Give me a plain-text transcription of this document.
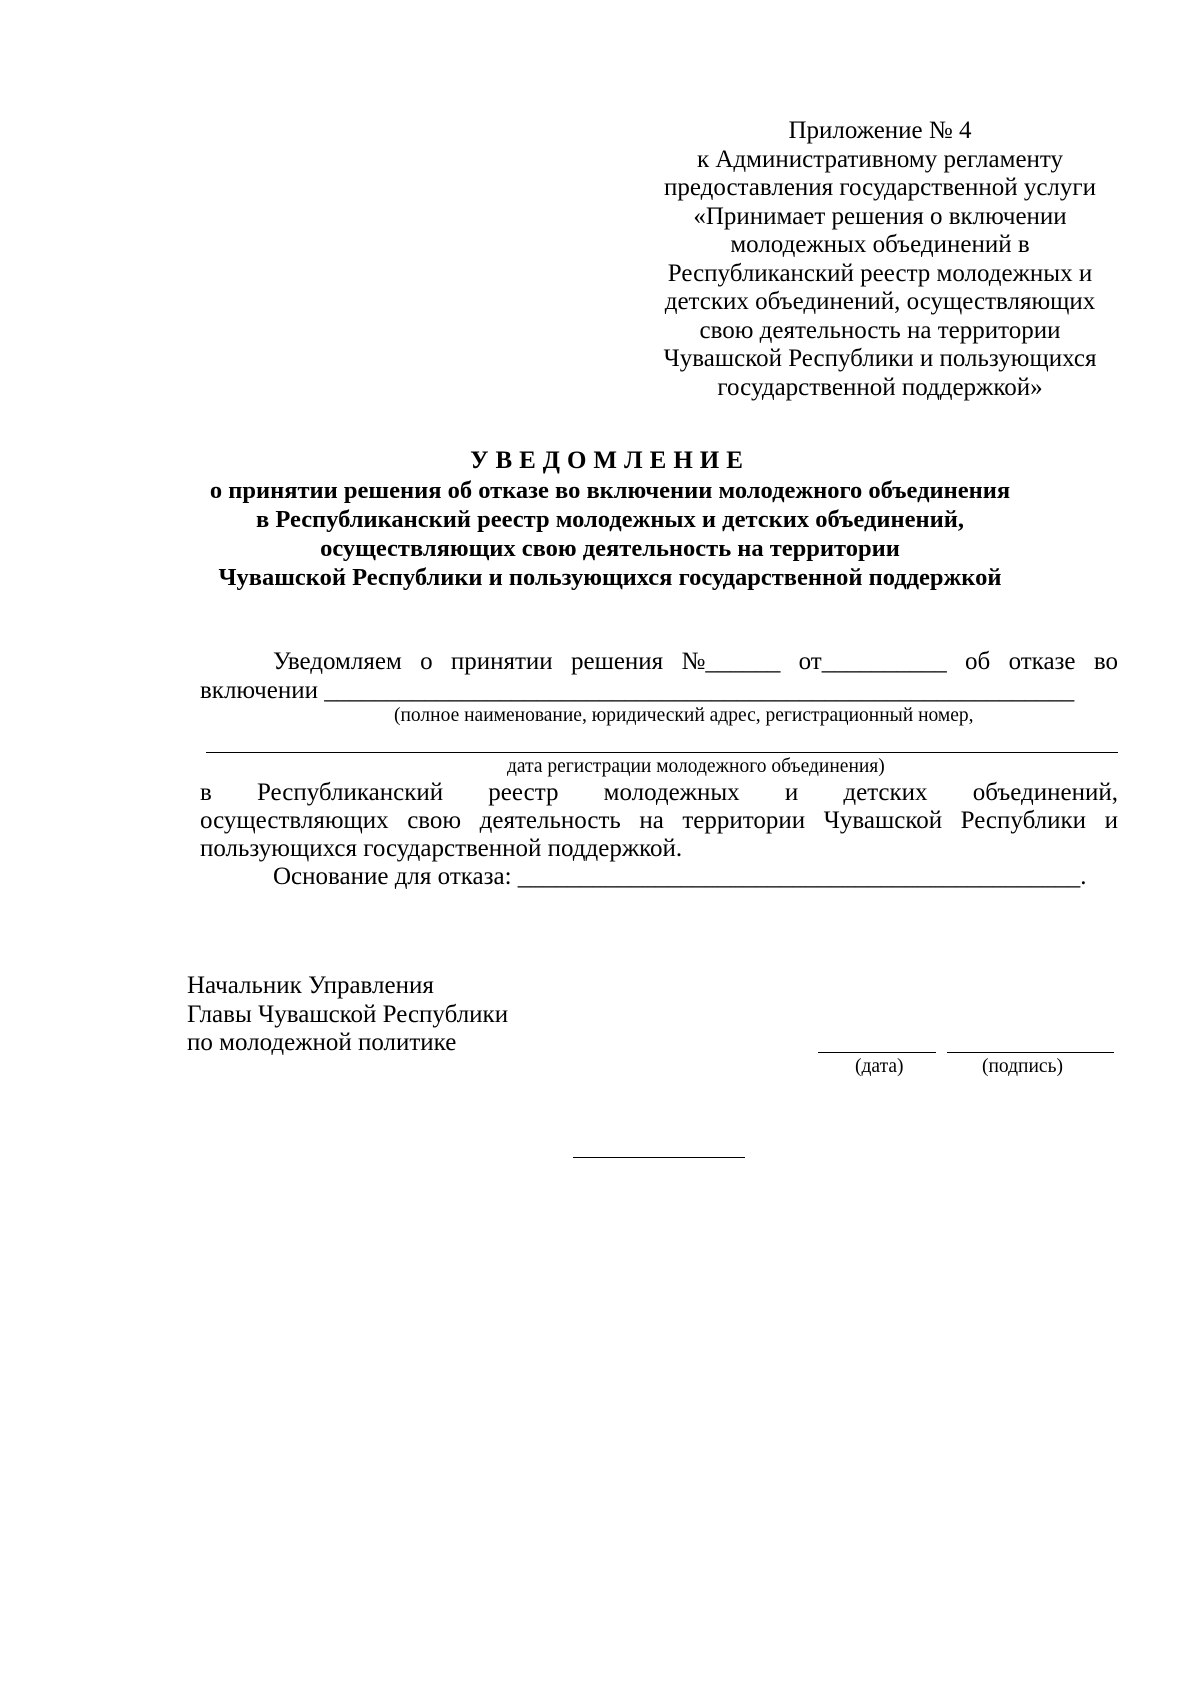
Приложение № 4
к Административному регламенту
предоставления государственной услуги
«Принимает решения о включении
молодежных объединений в
Республиканский реестр молодежных и
детских объединений, осуществляющих
свою деятельность на территории
Чувашской Республики и пользующихся
государственной поддержкой»
УВЕДОМЛЕНИЕ
о принятии решения об отказе во включении молодежного объединения
в Республиканский реестр молодежных и детских объединений,
осуществляющих свою деятельность на территории
Чувашской Республики и пользующихся государственной поддержкой
Уведомляем о принятии решения №______ от__________ об отказе во
включении ____________________________________________________________
(полное наименование, юридический адрес, регистрационный номер,
дата регистрации молодежного объединения)
в Республиканский реестр молодежных и детских объединений,
осуществляющих свою деятельность на территории Чувашской Республики и
пользующихся государственной поддержкой.
Основание для отказа: _____________________________________________.
Начальник Управления
Главы Чувашской Республики
по молодежной политике
(дата)	(подпись)
